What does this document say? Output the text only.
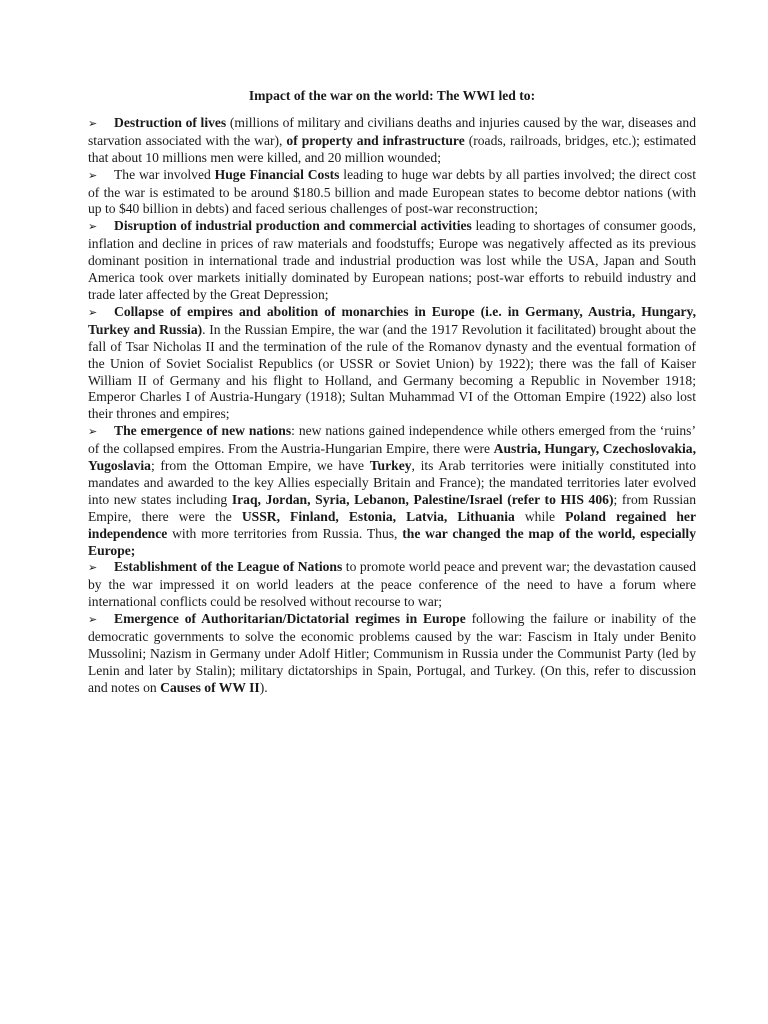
Impact of the war on the world: The WWI led to:

➢ Destruction of lives (millions of military and civilians deaths and injuries caused by the war, diseases and starvation associated with the war), of property and infrastructure (roads, railroads, bridges, etc.); estimated that about 10 millions men were killed, and 20 million wounded;

➢ The war involved Huge Financial Costs leading to huge war debts by all parties involved; the direct cost of the war is estimated to be around $180.5 billion and made European states to become debtor nations (with up to $40 billion in debts) and faced serious challenges of post-war reconstruction;

➢ Disruption of industrial production and commercial activities leading to shortages of consumer goods, inflation and decline in prices of raw materials and foodstuffs; Europe was negatively affected as its previous dominant position in international trade and industrial production was lost while the USA, Japan and South America took over markets initially dominated by European nations; post-war efforts to rebuild industry and trade later affected by the Great Depression;

➢ Collapse of empires and abolition of monarchies in Europe (i.e. in Germany, Austria, Hungary, Turkey and Russia). In the Russian Empire, the war (and the 1917 Revolution it facilitated) brought about the fall of Tsar Nicholas II and the termination of the rule of the Romanov dynasty and the eventual formation of the Union of Soviet Socialist Republics (or USSR or Soviet Union) by 1922); there was the fall of Kaiser William II of Germany and his flight to Holland, and Germany becoming a Republic in November 1918; Emperor Charles I of Austria-Hungary (1918); Sultan Muhammad VI of the Ottoman Empire (1922) also lost their thrones and empires;

➢ The emergence of new nations: new nations gained independence while others emerged from the ‘ruins’ of the collapsed empires. From the Austria-Hungarian Empire, there were Austria, Hungary, Czechoslovakia, Yugoslavia; from the Ottoman Empire, we have Turkey, its Arab territories were initially constituted into mandates and awarded to the key Allies especially Britain and France); the mandated territories later evolved into new states including Iraq, Jordan, Syria, Lebanon, Palestine/Israel (refer to HIS 406); from Russian Empire, there were the USSR, Finland, Estonia, Latvia, Lithuania while Poland regained her independence with more territories from Russia. Thus, the war changed the map of the world, especially Europe;

➢ Establishment of the League of Nations to promote world peace and prevent war; the devastation caused by the war impressed it on world leaders at the peace conference of the need to have a forum where international conflicts could be resolved without recourse to war;

➢ Emergence of Authoritarian/Dictatorial regimes in Europe following the failure or inability of the democratic governments to solve the economic problems caused by the war: Fascism in Italy under Benito Mussolini; Nazism in Germany under Adolf Hitler; Communism in Russia under the Communist Party (led by Lenin and later by Stalin); military dictatorships in Spain, Portugal, and Turkey. (On this, refer to discussion and notes on Causes of WW II).
